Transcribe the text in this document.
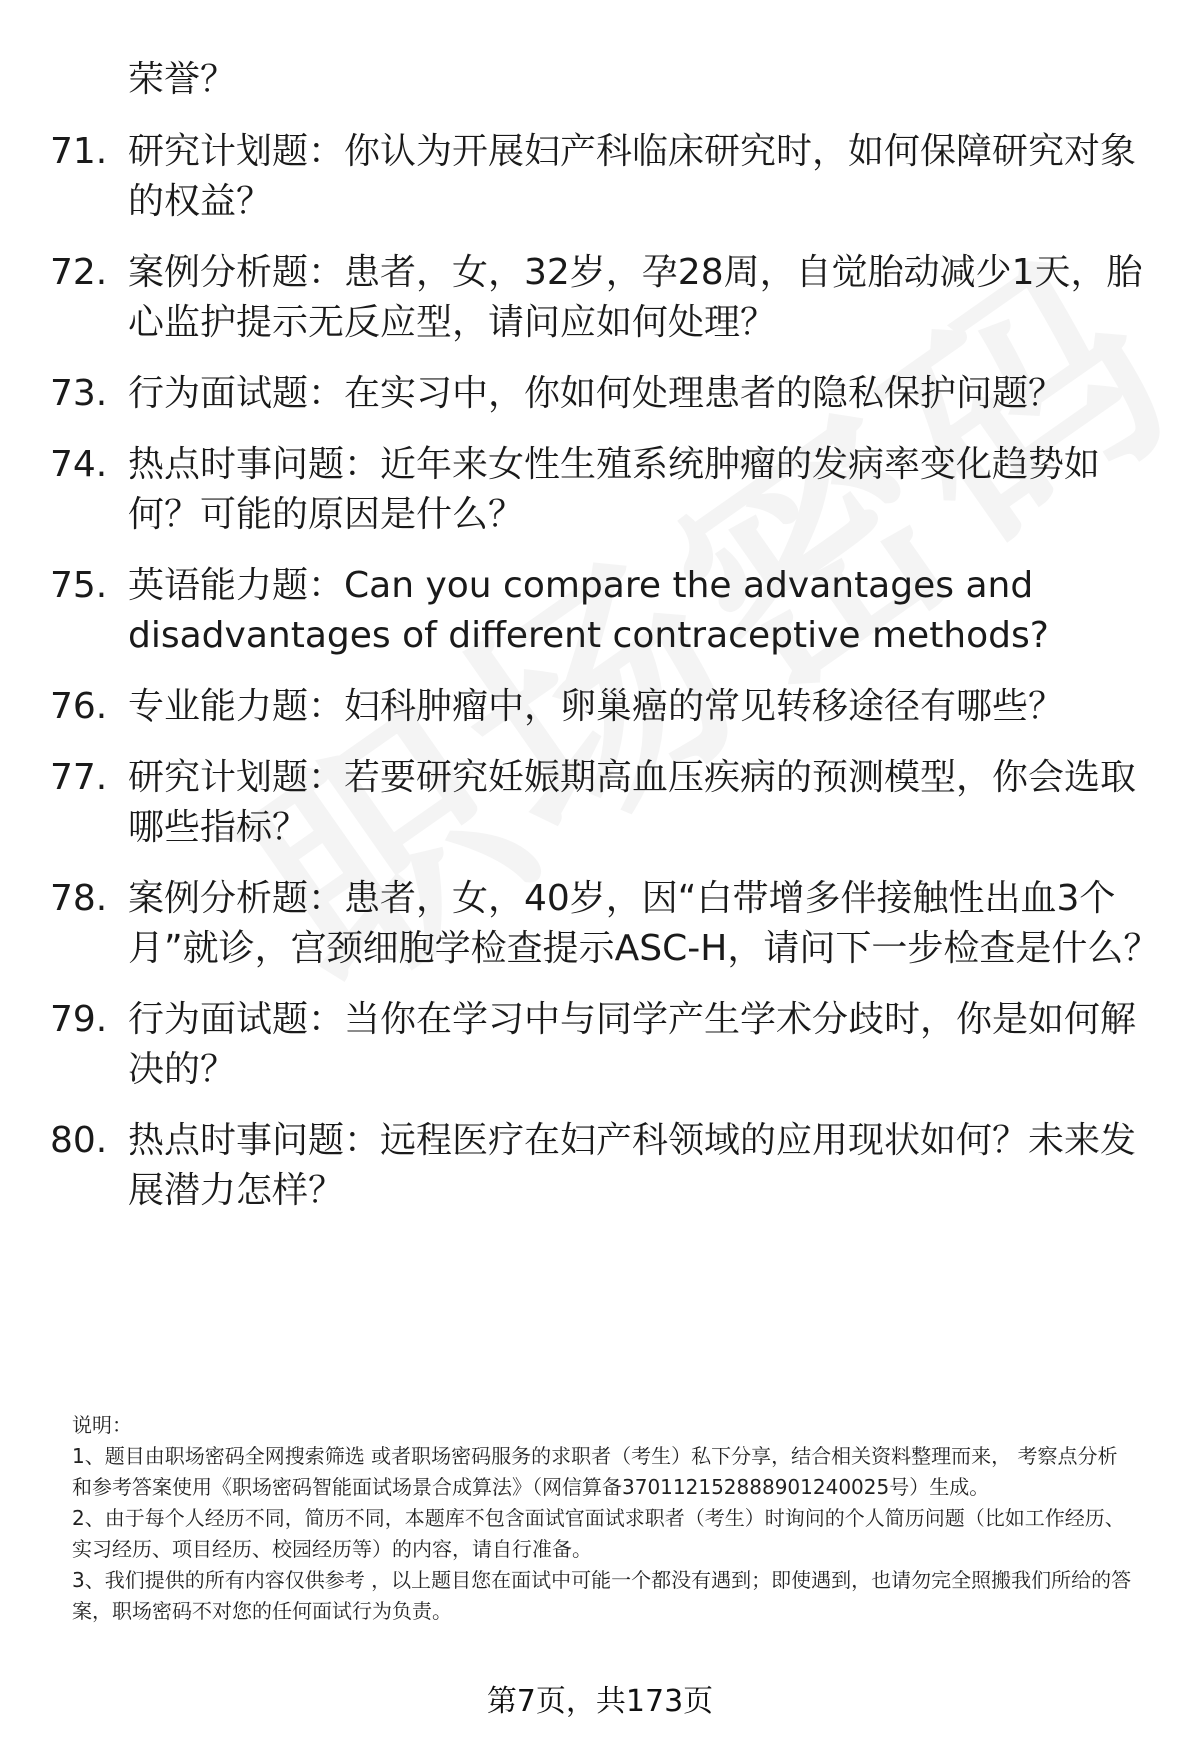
荣誉？
71. 研究计划题：你认为开展妇产科临床研究时，如何保障研究对象的权益？
72. 案例分析题：患者，女，32岁，孕28周，自觉胎动减少1天，胎心监护提示无反应型，请问应如何处理？
73. 行为面试题：在实习中，你如何处理患者的隐私保护问题？
74. 热点时事问题：近年来女性生殖系统肿瘤的发病率变化趋势如何？可能的原因是什么？
75. 英语能力题：Can you compare the advantages and disadvantages of different contraceptive methods?
76. 专业能力题：妇科肿瘤中，卵巢癌的常见转移途径有哪些？
77. 研究计划题：若要研究妊娠期高血压疾病的预测模型，你会选取哪些指标？
78. 案例分析题：患者，女，40岁，因“白带增多伴接触性出血3个月”就诊，宫颈细胞学检查提示ASC-H，请问下一步检查是什么？
79. 行为面试题：当你在学习中与同学产生学术分歧时，你是如何解决的？
80. 热点时事问题：远程医疗在妇产科领域的应用现状如何？未来发展潜力怎样？

说明：

1、题目由职场密码全网搜索筛选 或者职场密码服务的求职者（考生）私下分享，结合相关资料整理而来， 考察点分析和参考答案使用《职场密码智能面试场景合成算法》（网信算备370112152888901240025号）生成。

2、由于每个人经历不同，简历不同，本题库不包含面试官面试求职者（考生）时询问的个人简历问题（比如工作经历、实习经历、项目经历、校园经历等）的内容，请自行准备。

3、我们提供的所有内容仅供参考 ，以上题目您在面试中可能一个都没有遇到；即使遇到，也请勿完全照搬我们所给的答案，职场密码不对您的任何面试行为负责。

第7页，共173页
